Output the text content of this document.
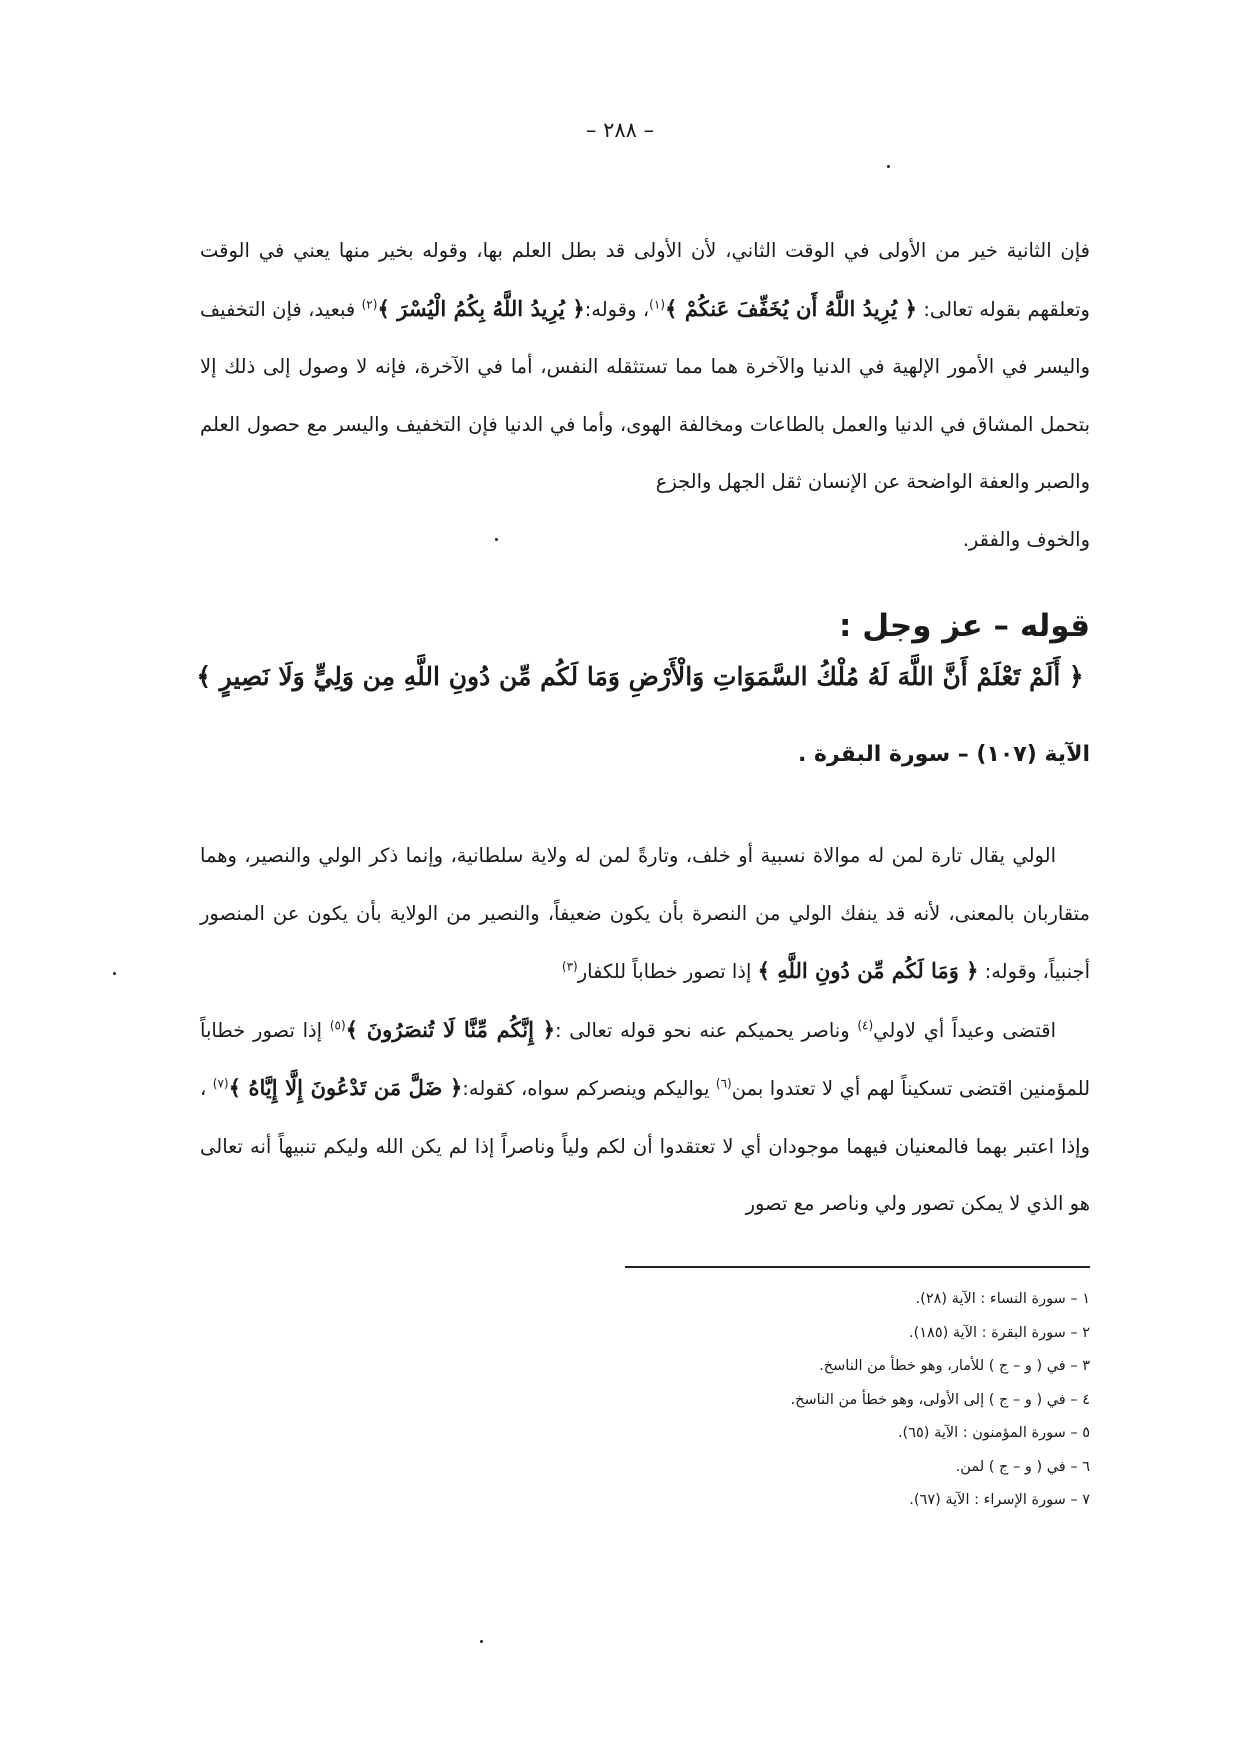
– ٢٨٨ –
فإن الثانية خير من الأولى في الوقت الثاني، لأن الأولى قد بطل العلم بها، وقوله بخير منها يعني في الوقت وتعلقهم بقوله تعالى: ﴿ يُرِيدُ اللَّهُ أَن يُخَفِّفَ عَنكُمْ ﴾$^{(١)}$، وقوله:﴿ يُرِيدُ اللَّهُ بِكُمُ الْيُسْرَ ﴾$^{(٢)}$ فبعيد، فإن التخفيف واليسر في الأمور الإلهية في الدنيا والآخرة هما مما تستثقله النفس، أما في الآخرة، فإنه لا وصول إلى ذلك إلا بتحمل المشاق في الدنيا والعمل بالطاعات ومخالفة الهوى، وأما في الدنيا فإن التخفيف واليسر مع حصول العلم والصبر والعفة الواضحة عن الإنسان ثقل الجهل والجزع
والخوف والفقر.
قوله – عز وجل :
﴿ أَلَمْ تَعْلَمْ أَنَّ اللَّهَ لَهُ مُلْكُ السَّمَوَاتِ وَالْأَرْضِ وَمَا لَكُم مِّن دُونِ اللَّهِ مِن وَلِيٍّ وَلَا نَصِيرٍ ﴾
الآية (١٠٧) – سورة البقرة .
الولي يقال تارة لمن له موالاة نسبية أو خلف، وتارةً لمن له ولاية سلطانية، وإنما ذكر الولي والنصير، وهما متقاربان بالمعنى، لأنه قد ينفك الولي من النصرة بأن يكون ضعيفاً، والنصير من الولاية بأن يكون عن المنصور أجنبياً، وقوله: ﴿ وَمَا لَكُم مِّن دُونِ اللَّهِ ﴾ إذا تصور خطاباً للكفار$^{(٣)}$
اقتضى وعيداً أي لاولي$^{(٤)}$ وناصر يحميكم عنه نحو قوله تعالى :﴿ إِنَّكُم مِّنَّا لَا تُنصَرُونَ ﴾$^{(٥)}$ إذا تصور خطاباً للمؤمنين اقتضى تسكيناً لهم أي لا تعتدوا بمن$^{(٦)}$ يواليكم وينصركم سواه، كقوله:﴿ ضَلَّ مَن تَدْعُونَ إِلَّا إِيَّاهُ ﴾$^{(٧)}$ ، وإذا اعتبر بهما فالمعنيان فيهما موجودان أي لا تعتقدوا أن لكم ولياً وناصراً إذا لم يكن الله وليكم تنبيهاً أنه تعالى هو الذي لا يمكن تصور ولي وناصر مع تصور
١ – سورة النساء : الآية (٢٨).
٢ – سورة البقرة : الآية (١٨٥).
٣ – في ( و – ج ) للأمار، وهو خطأ من الناسخ.
٤ – في ( و – ج ) إلى الأولى، وهو خطأ من الناسخ.
٥ – سورة المؤمنون : الآية (٦٥).
٦ – في ( و – ج ) لمن.
٧ – سورة الإسراء : الآية (٦٧).
